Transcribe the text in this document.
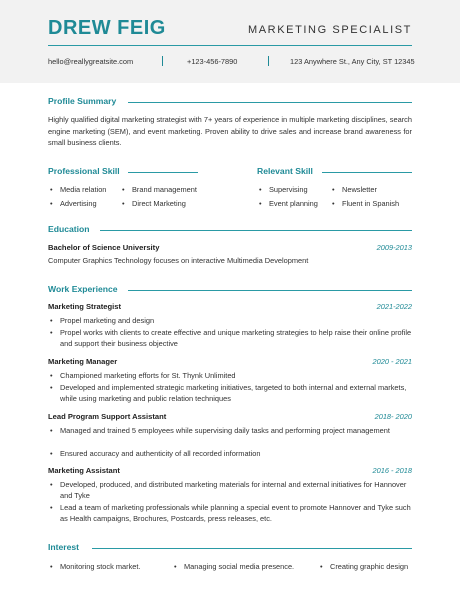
DREW FEIG	MARKETING SPECIALIST
hello@reallygreatsite.com	+123-456-7890	123 Anywhere St., Any City, ST 12345
Profile Summary
Highly qualified digital marketing strategist with 7+ years of experience in multiple marketing disciplines, search engine marketing (SEM), and event marketing. Proven ability to drive sales and increase brand awareness for small business clients.
Professional Skill
• Media relation	• Brand management
• Advertising	• Direct Marketing
Relevant Skill
• Supervising	• Newsletter
• Event planning	• Fluent in Spanish
Education
Bachelor of Science University	2009-2013
Computer Graphics Technology focuses on interactive Multimedia Development
Work Experience
Marketing Strategist	2021-2022
• Propel marketing and design
• Propel works with clients to create effective and unique marketing strategies to help raise their online profile and support their business objective
Marketing Manager	2020 - 2021
• Championed marketing efforts for St. Thynk Unlimited
• Developed and implemented strategic marketing initiatives, targeted to both internal and external markets, while using marketing and public relation techniques
Lead Program Support Assistant	2018- 2020
• Managed and trained 5 employees while supervising daily tasks and performing project management
• Ensured accuracy and authenticity of all recorded information
Marketing Assistant	2016 - 2018
• Developed, produced, and distributed marketing materials for internal and external initiatives for Hannover and Tyke
• Lead a team of marketing professionals while planning a special event to promote Hannover and Tyke such as Health campaigns, Brochures, Postcards, press releases, etc.
Interest
• Monitoring stock market.	• Managing social media presence.	• Creating graphic design
